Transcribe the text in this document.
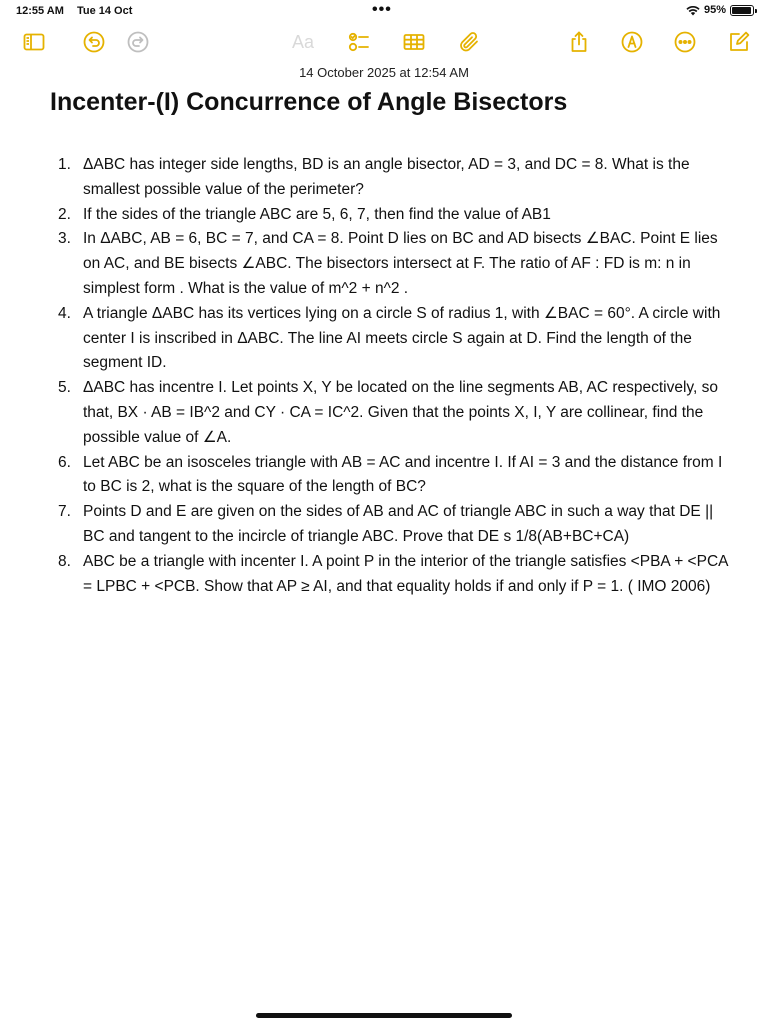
12:55 AM Tue 14 Oct	•••	95%
Aa
14 October 2025 at 12:54 AM
Incenter-(I) Concurrence of Angle Bisectors
1. ΔABC has integer side lengths, BD is an angle bisector, AD = 3, and DC = 8. What is the smallest possible value of the perimeter?
2. If the sides of the triangle ABC are 5, 6, 7, then find the value of AB1
3. In ΔABC, AB = 6, BC = 7, and CA = 8. Point D lies on BC and AD bisects ∠BAC. Point E lies on AC, and BE bisects ∠ABC. The bisectors intersect at F. The ratio of AF : FD is m: n in simplest form . What is the value of m^2 + n^2 .
4. A triangle ΔABC has its vertices lying on a circle S of radius 1, with ∠BAC = 60°. A circle with center I is inscribed in ΔABC. The line AI meets circle S again at D. Find the length of the segment ID.
5. ΔABC has incentre I. Let points X, Y be located on the line segments AB, AC respectively, so that, BX · AB = IB^2 and CY · CA = IC^2. Given that the points X, I, Y are collinear, find the possible value of ∠A.
6. Let ABC be an isosceles triangle with AB = AC and incentre I. If AI = 3 and the distance from I to BC is 2, what is the square of the length of BC?
7. Points D and E are given on the sides of AB and AC of triangle ABC in such a way that DE || BC and tangent to the incircle of triangle ABC. Prove that DE s 1/8(AB+BC+CA)
8. ABC be a triangle with incenter I. A point P in the interior of the triangle satisfies <PBA + <PCA = LPBC + <PCB. Show that AP ≥ AI, and that equality holds if and only if P = 1. ( IMO 2006)
